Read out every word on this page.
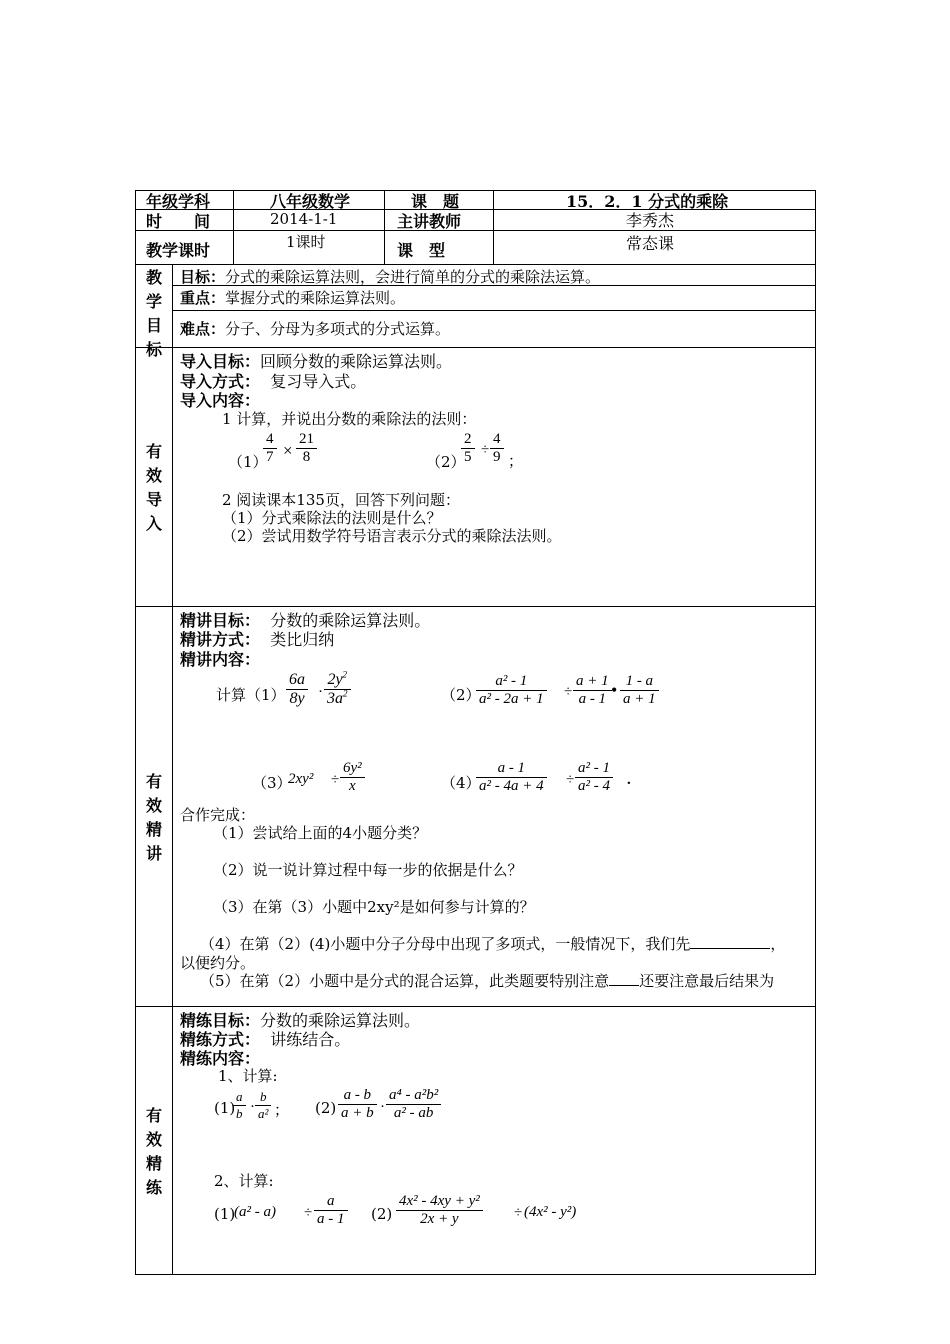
年级学科	八年级数学	课　题	15．2．1 分式的乘除
时　　间	2014-1-1	主讲教师	李秀杰
教学课时	1课时	课　型	常态课
教学目标
目标：分式的乘除运算法则，会进行简单的分式的乘除法运算。
重点：掌握分式的乘除运算法则。
难点：分子、分母为多项式的分式运算。
有效导入
导入目标：回顾分数的乘除运算法则。
导入方式： 复习导入式。
导入内容：
1 计算，并说出分数的乘除法的法则：
（1）
$\frac{4}{7} \times \frac{21}{8}$	（2）
$\frac{2}{5} \div \frac{4}{9}$ ；
2 阅读课本135页，回答下列问题：
（1）分式乘除法的法则是什么？
（2）尝试用数学符号语言表示分式的乘除法法则。
有效精讲
精讲目标： 分数的乘除运算法则。
精讲方式： 类比归纳
精讲内容：
计算$(1) \frac{6a}{8y} \cdot \frac{2y^2}{3a^2}$	（2）
$\frac{\text{a² - 1}}{\text{a² - 2a + 1}} \div \frac{a + 1}{a - 1}$ • $\frac{1 - a}{a + 1}$
（3）
$2xy^2 \div \frac{\text{6y²}}{x}$	（4）
$\frac{a - 1}{\text{a² - 4a + 4}} \div \frac{\text{a² - 1}}{\text{a² - 4}}$ .
合作完成：
（1）尝试给上面的4小题分类？
（2）说一说计算过程中每一步的依据是什么？
（3）在第（3）小题中2xy²是如何参与计算的？
（4）在第（2）(4)小题中分子分母中出现了多项式，一般情况下，我们先	，
以便约分。
（5）在第（2）小题中是分式的混合运算，此类题要特别注意 还要注意最后结果为
有效精练
精练目标：分数的乘除运算法则。
精练方式： 讲练结合。
精练内容：
1、计算:
(1)
$\frac{a}{b} \cdot \frac{b}{\text{a²}}$ ； $(2) \frac{a - b}{a + b} \cdot \frac{\text{a⁴ - a²b²}}{\text{a² - ab}}$
2、计算:
(1)
$(a^2 - a) \div \frac{a}{a - 1} (2) \frac{\text{4x² - 4xy + y²}}{2x + y} \div (4x^2 - y^2)$
